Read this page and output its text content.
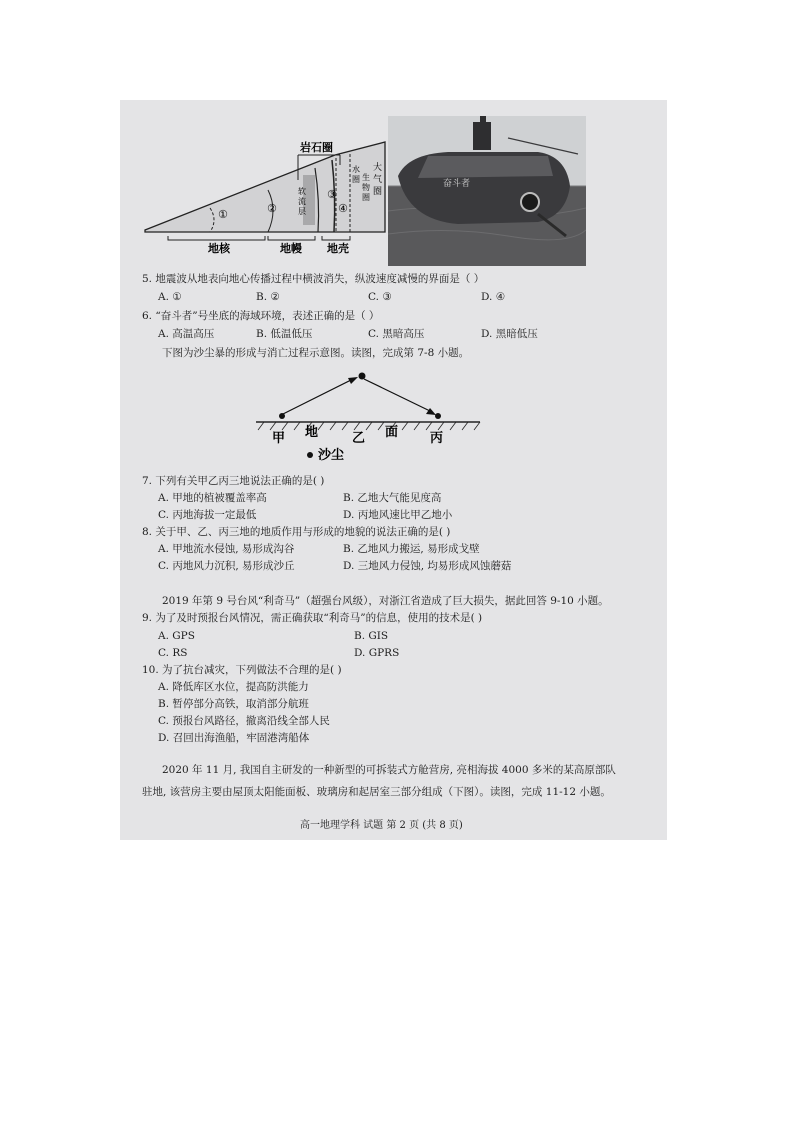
岩石圈
①	②
③
④
软
流
层
水
圈 生
物
圈
大
气
圈
地核	地幔 地壳
奋斗者
5. 地震波从地表向地心传播过程中横波消失，纵波速度减慢的界面是（ ）
A. ①	B. ②	C. ③	D. ④
6. “奋斗者”号坐底的海域环境，表述正确的是（ ）
A. 高温高压	B. 低温低压	C. 黑暗高压	D. 黑暗低压
下图为沙尘暴的形成与消亡过程示意图。读图，完成第 7-8 小题。
甲 地	乙 面 丙
沙尘
7. 下列有关甲乙丙三地说法正确的是( )
A. 甲地的植被覆盖率高	B. 乙地大气能见度高
C. 丙地海拔一定最低	D. 丙地风速比甲乙地小
8. 关于甲、乙、丙三地的地质作用与形成的地貌的说法正确的是( )
A. 甲地流水侵蚀, 易形成沟谷	B. 乙地风力搬运, 易形成戈壁
C. 丙地风力沉积, 易形成沙丘	D. 三地风力侵蚀, 均易形成风蚀蘑菇
2019 年第 9 号台风“利奇马”（超强台风级），对浙江省造成了巨大损失，据此回答 9-10 小题。
9. 为了及时预报台风情况，需正确获取“利奇马”的信息，使用的技术是( )
A. GPS	B. GIS
C. RS	D. GPRS
10. 为了抗台减灾，下列做法不合理的是( )
A. 降低库区水位，提高防洪能力
B. 暂停部分高铁，取消部分航班
C. 预报台风路径，撤离沿线全部人民
D. 召回出海渔船，牢固港湾船体
2020 年 11 月, 我国自主研发的一种新型的可拆装式方舱营房, 亮相海拔 4000 多米的某高原部队
驻地, 该营房主要由屋顶太阳能面板、玻璃房和起居室三部分组成（下图）。读图，完成 11-12 小题。
高一地理学科 试题 第 2 页 (共 8 页)
